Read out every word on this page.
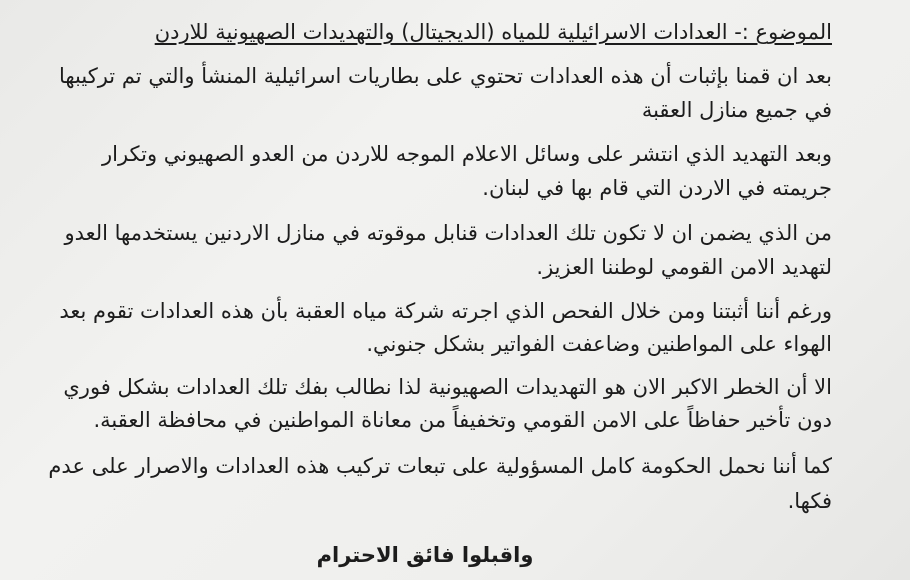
الموضوع :- العدادات الاسرائيلية للمياه (الديجيتال) والتهديدات الصهيونية للاردن

بعد ان قمنا بإثبات أن هذه العدادات تحتوي على بطاريات اسرائيلية المنشأ والتي تم تركيبها

في جميع منازل العقبة

وبعد التهديد الذي انتشر على وسائل الاعلام الموجه للاردن من العدو الصهيوني وتكرار

جريمته في الاردن التي قام بها في لبنان.

من الذي يضمن ان لا تكون تلك العدادات قنابل موقوته في منازل الاردنين يستخدمها العدو

لتهديد الامن القومي لوطننا العزيز.

ورغم أننا أثبتنا ومن خلال الفحص الذي اجرته شركة مياه العقبة بأن هذه العدادات تقوم بعد

الهواء على المواطنين وضاعفت الفواتير بشكل جنوني.

الا أن الخطر الاكبر الان هو التهديدات الصهيونية لذا نطالب بفك تلك العدادات بشكل فوري

دون تأخير حفاظاً على الامن القومي وتخفيفاً من معاناة المواطنين في محافظة العقبة.

كما أننا نحمل الحكومة كامل المسؤولية على تبعات تركيب هذه العدادات والاصرار على عدم

فكها.

واقبلوا فائق الاحترام
